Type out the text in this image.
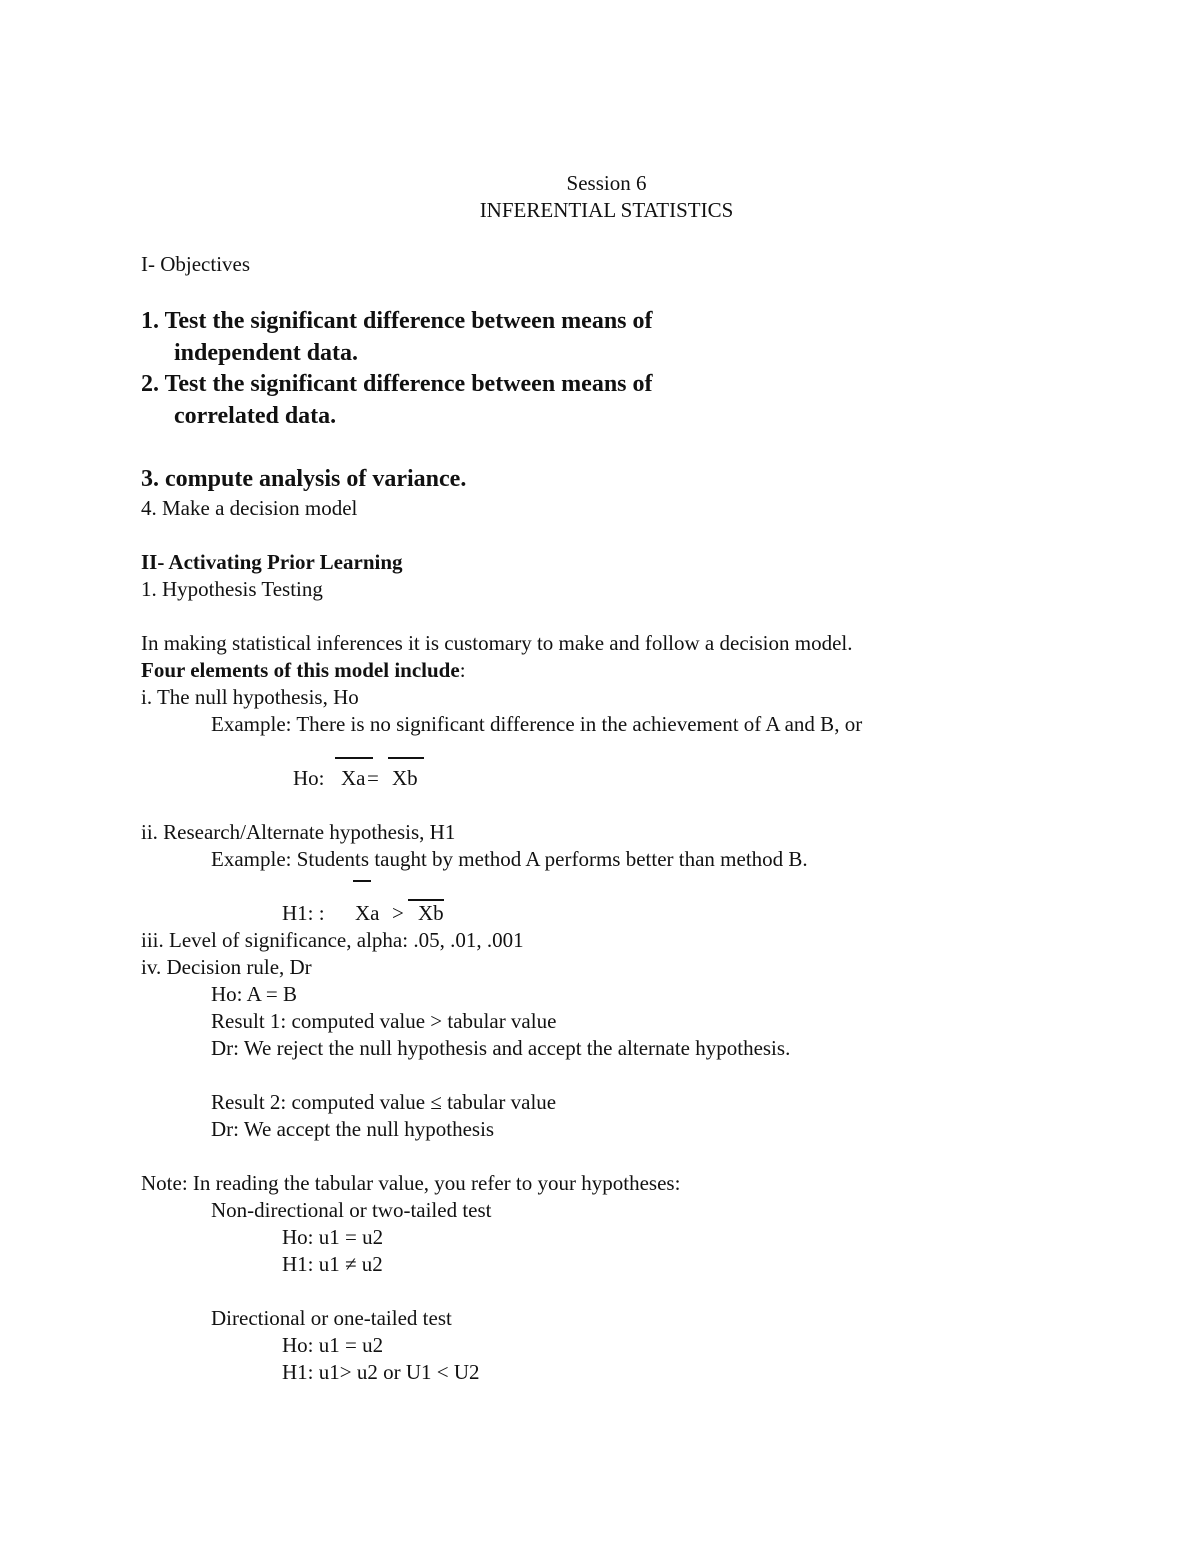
Session 6
INFERENTIAL STATISTICS
I- Objectives
1. Test the significant difference between means of
independent data.
2. Test the significant difference between means of
correlated data.
3. compute analysis of variance.
4. Make a decision model
II- Activating Prior Learning
1. Hypothesis Testing
In making statistical inferences it is customary to make and follow a decision model.
Four elements of this model include:
i. The null hypothesis, Ho
Example: There is no significant difference in the achievement of A and B, or
Ho: Xa = Xb
ii. Research/Alternate hypothesis, H1
Example: Students taught by method A performs better than method B.
H1: : Xa > Xb
iii. Level of significance, alpha: .05, .01, .001
iv. Decision rule, Dr
Ho: A = B
Result 1: computed value > tabular value
Dr: We reject the null hypothesis and accept the alternate hypothesis.
Result 2: computed value ≤ tabular value
Dr: We accept the null hypothesis
Note: In reading the tabular value, you refer to your hypotheses:
Non-directional or two-tailed test
Ho: u1 = u2
H1: u1 ≠ u2
Directional or one-tailed test
Ho: u1 = u2
H1: u1> u2 or U1 < U2
